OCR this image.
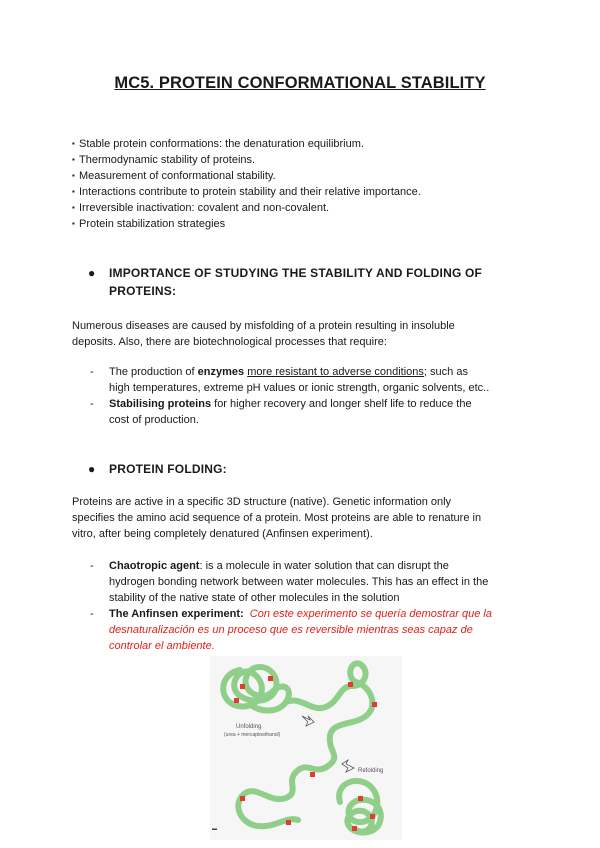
MC5. PROTEIN CONFORMATIONAL STABILITY
▪ Stable protein conformations: the denaturation equilibrium.
▪ Thermodynamic stability of proteins.
▪ Measurement of conformational stability.
▪ Interactions contribute to protein stability and their relative importance.
▪ Irreversible inactivation: covalent and non-covalent.
▪ Protein stabilization strategies
● IMPORTANCE OF STUDYING THE STABILITY AND FOLDING OF
PROTEINS:
Numerous diseases are caused by misfolding of a protein resulting in insoluble
deposits. Also, there are biotechnological processes that require:
- The production of enzymes more resistant to adverse conditions; such as
high temperatures, extreme pH values or ionic strength, organic solvents, etc..
- Stabilising proteins for higher recovery and longer shelf life to reduce the
cost of production.
● PROTEIN FOLDING:
Proteins are active in a specific 3D structure (native). Genetic information only
specifies the amino acid sequence of a protein. Most proteins are able to renature in
vitro, after being completely denatured (Anfinsen experiment).
- Chaotropic agent: is a molecule in water solution that can disrupt the
hydrogen bonding network between water molecules. This has an effect in the
stability of the native state of other molecules in the solution
- The Anfinsen experiment: Con este experimento se quería demostrar que la
desnaturalización es un proceso que es reversible mientras seas capaz de
controlar el ambiente.
Unfolding
(urea + mercaptoethanol)
Refolding
▬
